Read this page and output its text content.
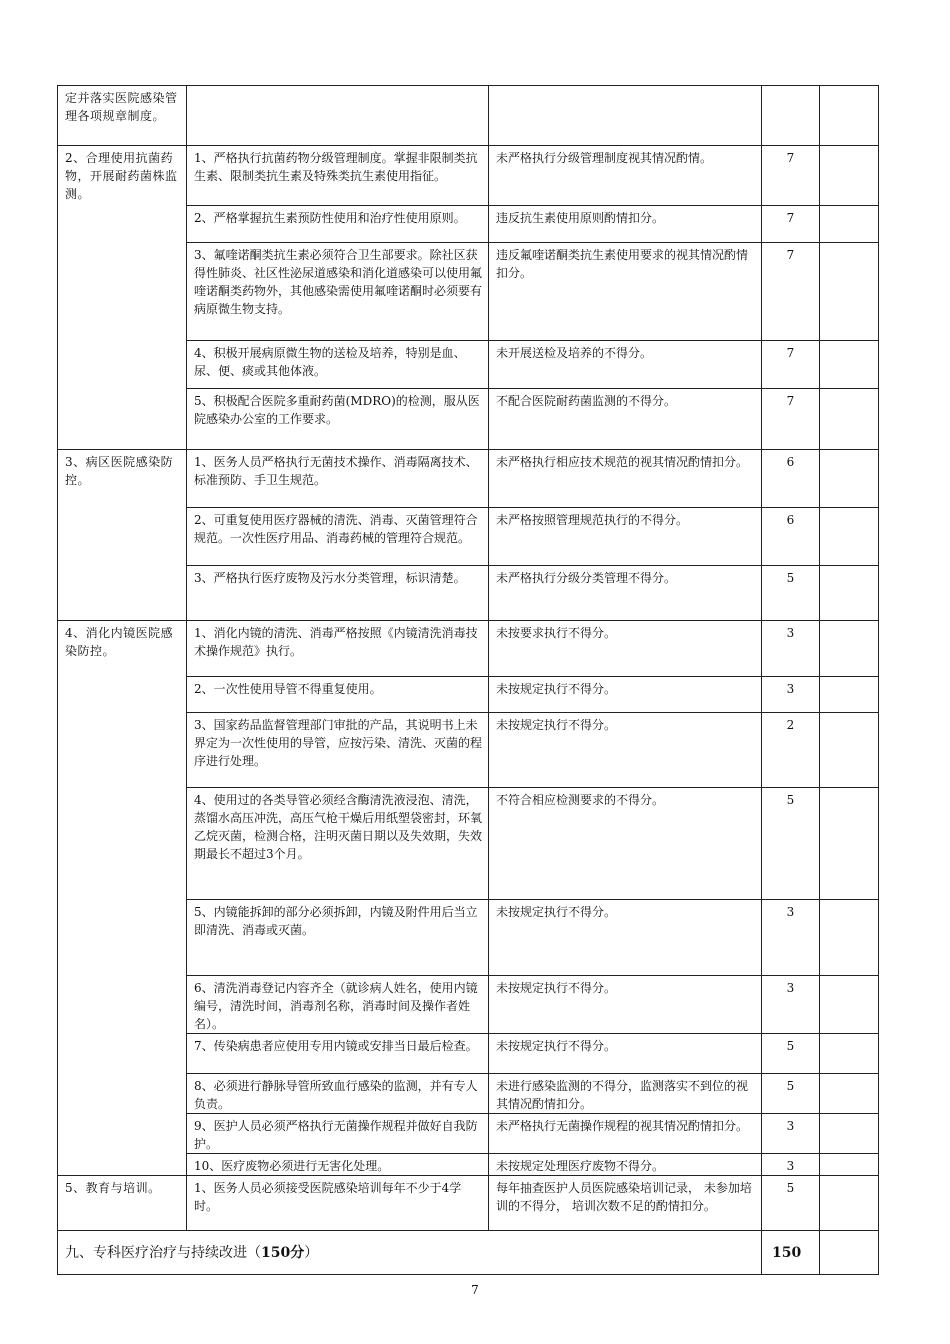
定并落实医院感染管理各项规章制度。				
2、合理使用抗菌药物，开展耐药菌株监测。	1、严格执行抗菌药物分级管理制度。掌握非限制类抗生素、限制类抗生素及特殊类抗生素使用指征。	未严格执行分级管理制度视其情况酌情。	7	
	2、严格掌握抗生素预防性使用和治疗性使用原则。	违反抗生素使用原则酌情扣分。	7	
	3、氟喹诺酮类抗生素必须符合卫生部要求。除社区获得性肺炎、社区性泌尿道感染和消化道感染可以使用氟喹诺酮类药物外，其他感染需使用氟喹诺酮时必须要有病原微生物支持。	违反氟喹诺酮类抗生素使用要求的视其情况酌情扣分。	7	
	4、积极开展病原微生物的送检及培养，特别是血、尿、便、痰或其他体液。	未开展送检及培养的不得分。	7	
	5、积极配合医院多重耐药菌(MDRO)的检测，服从医院感染办公室的工作要求。	不配合医院耐药菌监测的不得分。	7	
3、病区医院感染防控。	1、医务人员严格执行无菌技术操作、消毒隔离技术、标准预防、手卫生规范。	未严格执行相应技术规范的视其情况酌情扣分。	6	
	2、可重复使用医疗器械的清洗、消毒、灭菌管理符合规范。一次性医疗用品、消毒药械的管理符合规范。	未严格按照管理规范执行的不得分。	6	
	3、严格执行医疗废物及污水分类管理，标识清楚。	未严格执行分级分类管理不得分。	5	
4、消化内镜医院感染防控。	1、消化内镜的清洗、消毒严格按照《内镜清洗消毒技术操作规范》执行。	未按要求执行不得分。	3	
	2、一次性使用导管不得重复使用。	未按规定执行不得分。	3	
	3、国家药品监督管理部门审批的产品，其说明书上未界定为一次性使用的导管，应按污染、清洗、灭菌的程序进行处理。	未按规定执行不得分。	2	
	4、使用过的各类导管必须经含酶清洗液浸泡、清洗，蒸馏水高压冲洗，高压气枪干燥后用纸塑袋密封，环氧乙烷灭菌，检测合格，注明灭菌日期以及失效期，失效期最长不超过3个月。	不符合相应检测要求的不得分。	5	
	5、内镜能拆卸的部分必须拆卸，内镜及附件用后当立即清洗、消毒或灭菌。	未按规定执行不得分。	3	
	6、清洗消毒登记内容齐全（就诊病人姓名，使用内镜编号，清洗时间，消毒剂名称，消毒时间及操作者姓名）。	未按规定执行不得分。	3	
	7、传染病患者应使用专用内镜或安排当日最后检查。	未按规定执行不得分。	5	
	8、必须进行静脉导管所致血行感染的监测，并有专人负责。	未进行感染监测的不得分，监测落实不到位的视其情况酌情扣分。	5	
	9、医护人员必须严格执行无菌操作规程并做好自我防护。	未严格执行无菌操作规程的视其情况酌情扣分。	3	
	10、医疗废物必须进行无害化处理。	未按规定处理医疗废物不得分。	3	
5、教育与培训。	1、医务人员必须接受医院感染培训每年不少于4学时。	每年抽查医护人员医院感染培训记录， 未参加培训的不得分， 培训次数不足的酌情扣分。	5	
九、专科医疗治疗与持续改进（150分）			150	
7
